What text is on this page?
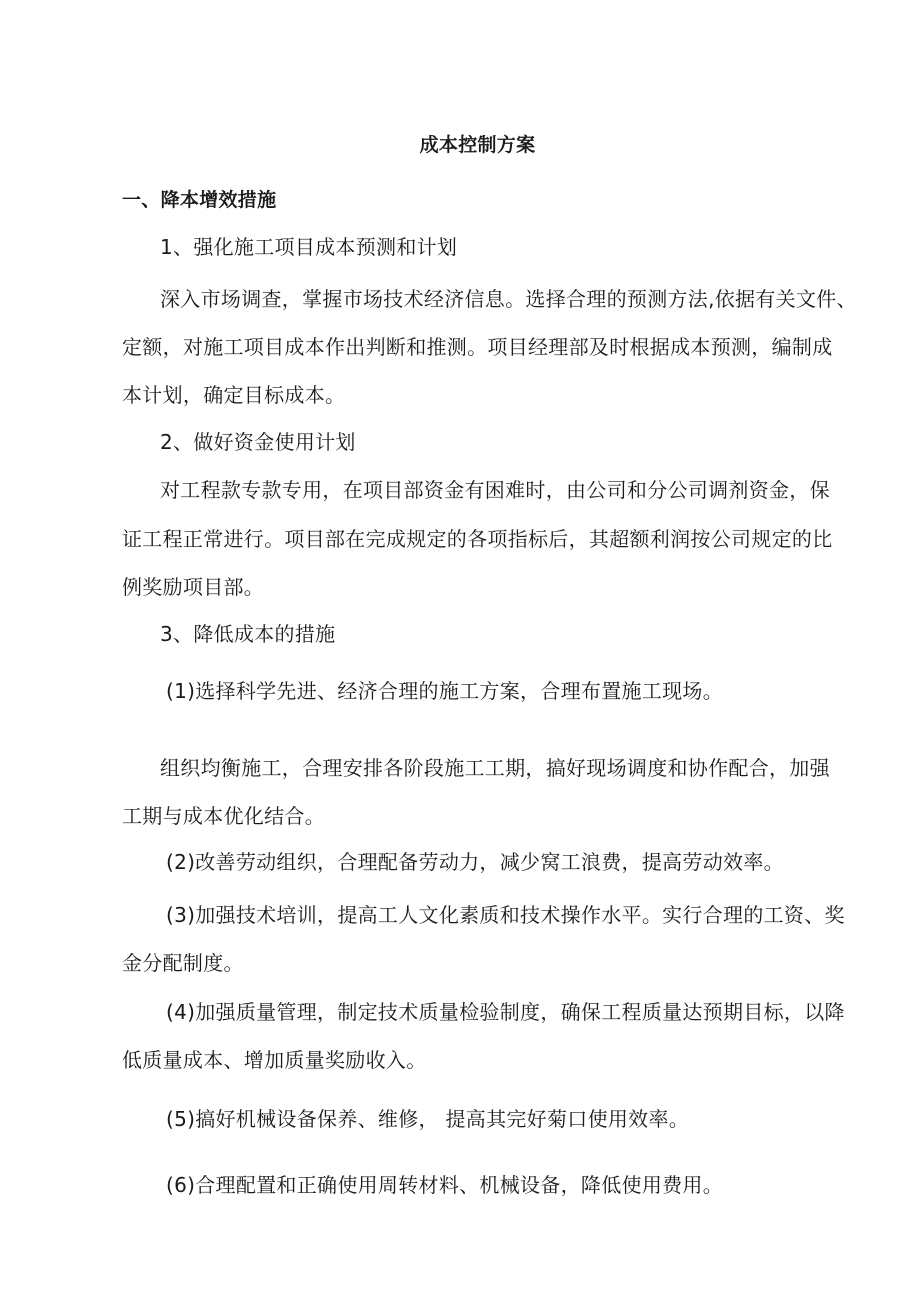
成本控制方案
一、降本增效措施
1、强化施工项目成本预测和计划
深入市场调查，掌握市场技术经济信息。选择合理的预测方法,依据有关文件、
定额，对施工项目成本作出判断和推测。项目经理部及时根据成本预测，编制成
本计划，确定目标成本。
2、做好资金使用计划
对工程款专款专用，在项目部资金有困难时，由公司和分公司调剂资金，保
证工程正常进行。项目部在完成规定的各项指标后，其超额利润按公司规定的比
例奖励项目部。
3、降低成本的措施
(1)选择科学先进、经济合理的施工方案，合理布置施工现场。
组织均衡施工，合理安排各阶段施工工期，搞好现场调度和协作配合，加强
工期与成本优化结合。
(2)改善劳动组织，合理配备劳动力，减少窝工浪费，提高劳动效率。
(3)加强技术培训，提高工人文化素质和技术操作水平。实行合理的工资、奖
金分配制度。
(4)加强质量管理，制定技术质量检验制度，确保工程质量达预期目标，以降
低质量成本、增加质量奖励收入。
(5)搞好机械设备保养、维修， 提高其完好菊口使用效率。
(6)合理配置和正确使用周转材料、机械设备，降低使用费用。
